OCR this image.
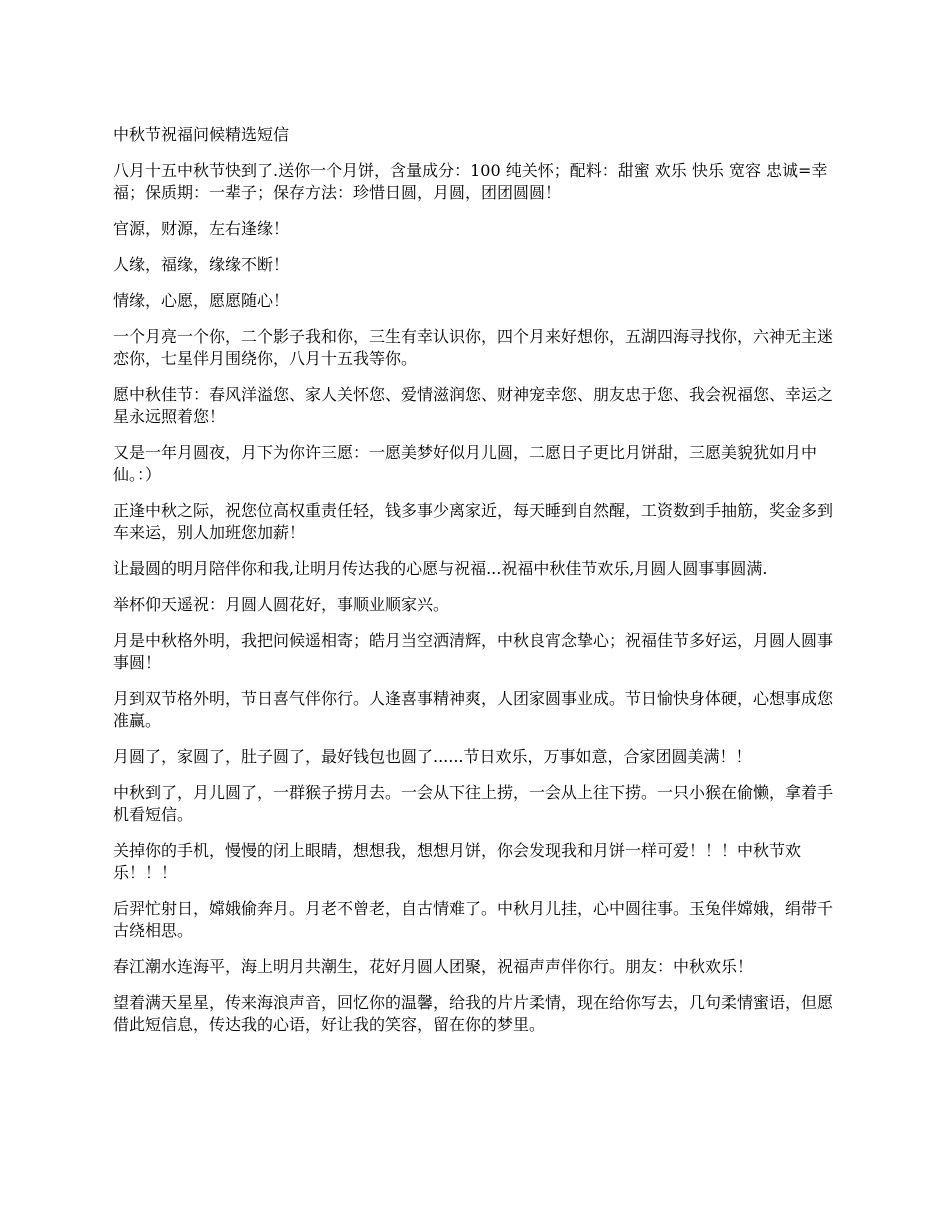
中秋节祝福问候精选短信

八月十五中秋节快到了.送你一个月饼，含量成分：100 纯关怀；配料：甜蜜 欢乐 快乐 宽容 忠诚=幸福；保质期：一辈子；保存方法：珍惜日圆，月圆，团团圆圆！

官源，财源，左右逢缘！

人缘，福缘，缘缘不断！

情缘，心愿，愿愿随心！

一个月亮一个你，二个影子我和你，三生有幸认识你，四个月来好想你，五湖四海寻找你，六神无主迷恋你，七星伴月围绕你，八月十五我等你。

愿中秋佳节：春风洋溢您、家人关怀您、爱情滋润您、财神宠幸您、朋友忠于您、我会祝福您、幸运之星永远照着您！

又是一年月圆夜，月下为你许三愿：一愿美梦好似月儿圆，二愿日子更比月饼甜，三愿美貌犹如月中仙。：）

正逢中秋之际，祝您位高权重责任轻，钱多事少离家近，每天睡到自然醒，工资数到手抽筋，奖金多到车来运，别人加班您加薪！

让最圆的明月陪伴你和我,让明月传达我的心愿与祝福...祝福中秋佳节欢乐,月圆人圆事事圆满.

举杯仰天遥祝：月圆人圆花好，事顺业顺家兴。

月是中秋格外明，我把问候遥相寄；皓月当空洒清辉，中秋良宵念挚心；祝福佳节多好运，月圆人圆事事圆！

月到双节格外明，节日喜气伴你行。人逢喜事精神爽，人团家圆事业成。节日愉快身体硬，心想事成您准赢。

月圆了，家圆了，肚子圆了，最好钱包也圆了......节日欢乐，万事如意，合家团圆美满！！

中秋到了，月儿圆了，一群猴子捞月去。一会从下往上捞，一会从上往下捞。一只小猴在偷懒，拿着手机看短信。

关掉你的手机，慢慢的闭上眼睛，想想我，想想月饼，你会发现我和月饼一样可爱！！！中秋节欢乐！！！

后羿忙射日，嫦娥偷奔月。月老不曾老，自古情难了。中秋月儿挂，心中圆往事。玉兔伴嫦娥，绢带千古绕相思。

春江潮水连海平，海上明月共潮生，花好月圆人团聚，祝福声声伴你行。朋友：中秋欢乐！

望着满天星星，传来海浪声音，回忆你的温馨，给我的片片柔情，现在给你写去，几句柔情蜜语，但愿借此短信息，传达我的心语，好让我的笑容，留在你的梦里。
